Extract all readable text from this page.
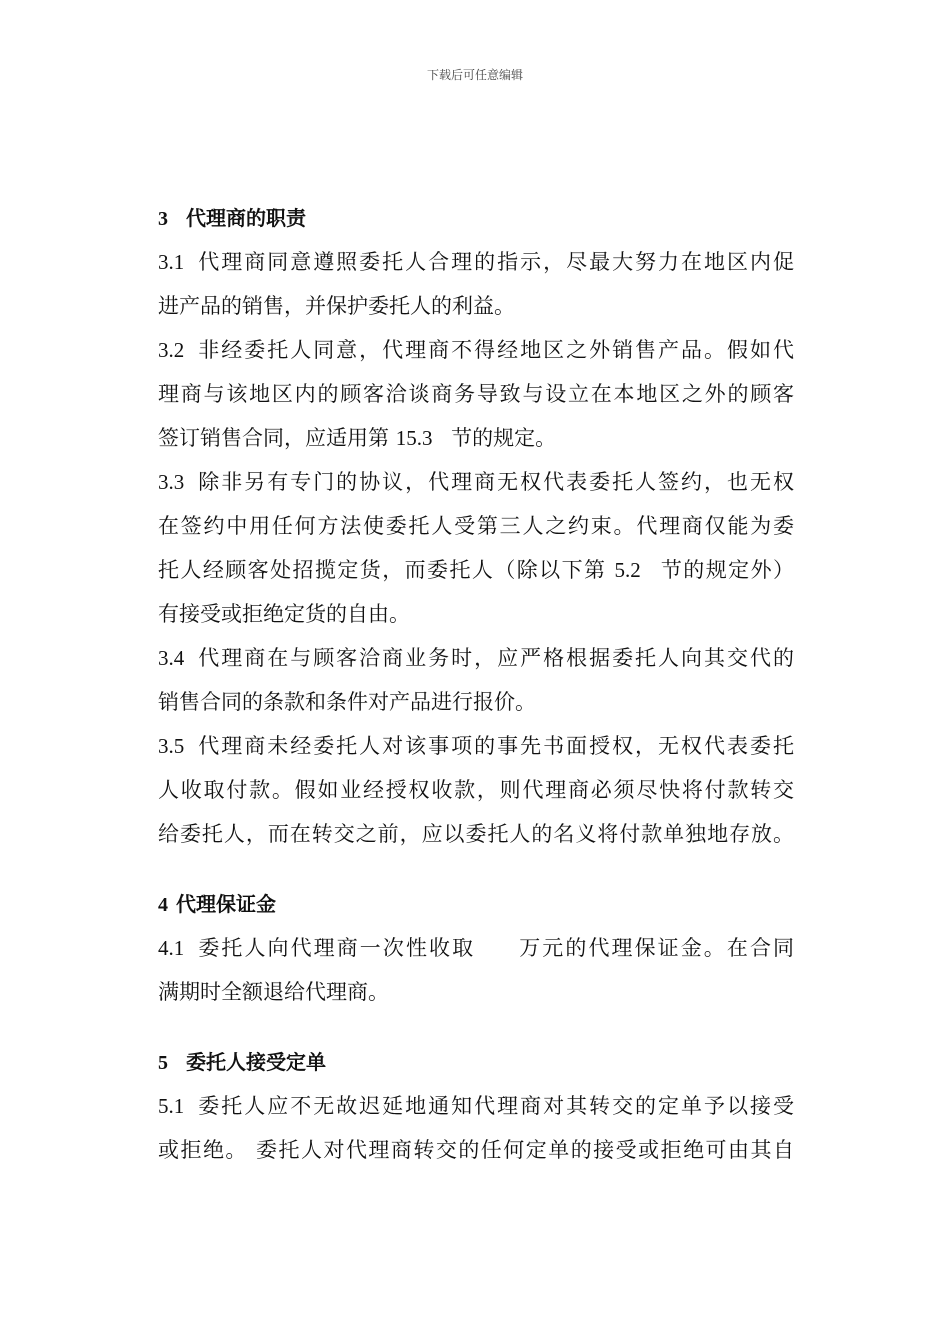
下载后可任意编辑
3 代理商的职责
3.1 代理商同意遵照委托人合理的指示，尽最大努力在地区内促
进产品的销售，并保护委托人的利益。
3.2 非经委托人同意，代理商不得经地区之外销售产品。假如代
理商与该地区内的顾客洽谈商务导致与设立在本地区之外的顾客
签订销售合同，应适用第 15.3 节的规定。
3.3 除非另有专门的协议，代理商无权代表委托人签约，也无权
在签约中用任何方法使委托人受第三人之约束。代理商仅能为委
托人经顾客处招揽定货，而委托人（除以下第 5.2 节的规定外）
有接受或拒绝定货的自由。
3.4 代理商在与顾客洽商业务时，应严格根据委托人向其交代的
销售合同的条款和条件对产品进行报价。
3.5 代理商未经委托人对该事项的事先书面授权，无权代表委托
人收取付款。假如业经授权收款，则代理商必须尽快将付款转交
给委托人，而在转交之前，应以委托人的名义将付款单独地存放。
4 代理保证金
4.1 委托人向代理商一次性收取 万元的代理保证金。在合同
满期时全额退给代理商。
5 委托人接受定单
5.1 委托人应不无故迟延地通知代理商对其转交的定单予以接受
或拒绝。 委托人对代理商转交的任何定单的接受或拒绝可由其自
